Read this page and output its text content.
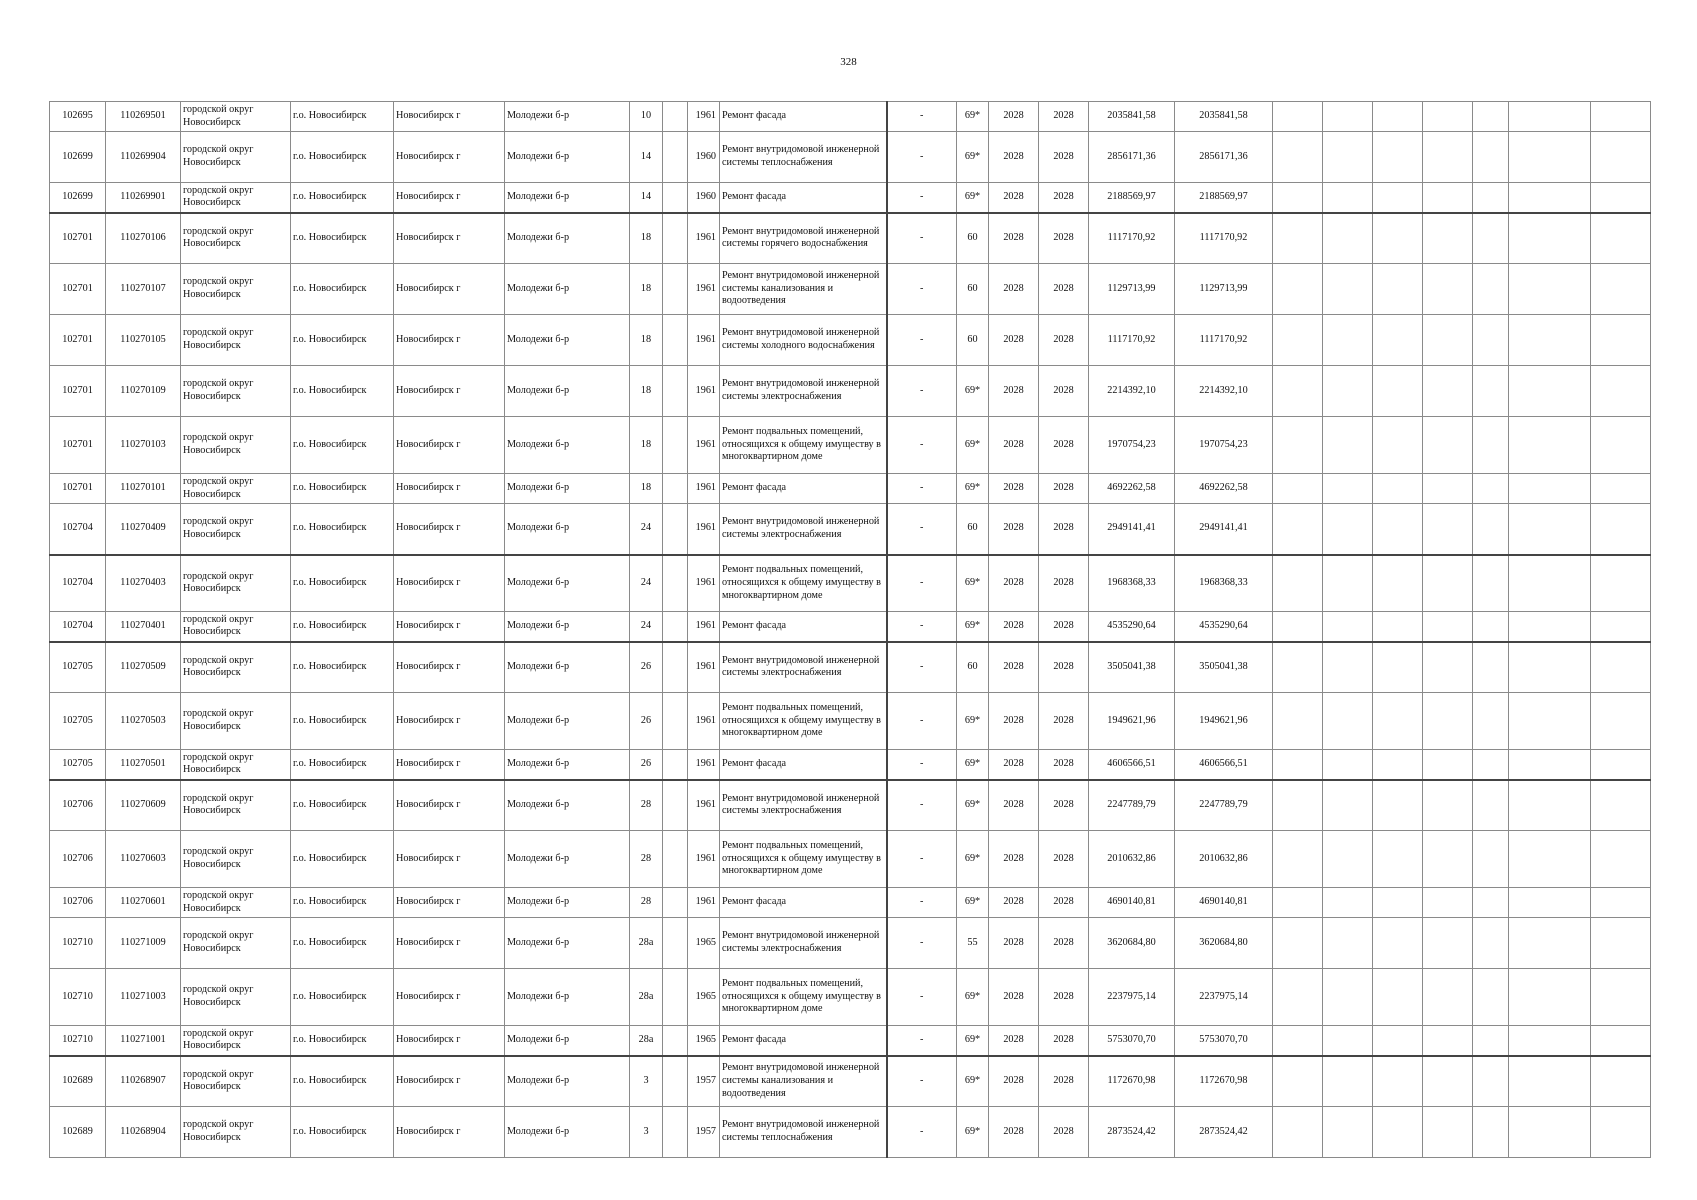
328
102695	110269501	городской округ Новосибирск	г.о. Новосибирск	Новосибирск г	Молодежи б-р	10		1961	Ремонт фасада	-	69*	2028	2028	2035841,58	2035841,58							
102699	110269904	городской округ Новосибирск	г.о. Новосибирск	Новосибирск г	Молодежи б-р	14		1960	Ремонт внутридомовой инженерной системы теплоснабжения	-	69*	2028	2028	2856171,36	2856171,36							
102699	110269901	городской округ Новосибирск	г.о. Новосибирск	Новосибирск г	Молодежи б-р	14		1960	Ремонт фасада	-	69*	2028	2028	2188569,97	2188569,97							
102701	110270106	городской округ Новосибирск	г.о. Новосибирск	Новосибирск г	Молодежи б-р	18		1961	Ремонт внутридомовой инженерной системы горячего водоснабжения	-	60	2028	2028	1117170,92	1117170,92							
102701	110270107	городской округ Новосибирск	г.о. Новосибирск	Новосибирск г	Молодежи б-р	18		1961	Ремонт внутридомовой инженерной системы канализования и водоотведения	-	60	2028	2028	1129713,99	1129713,99							
102701	110270105	городской округ Новосибирск	г.о. Новосибирск	Новосибирск г	Молодежи б-р	18		1961	Ремонт внутридомовой инженерной системы холодного водоснабжения	-	60	2028	2028	1117170,92	1117170,92							
102701	110270109	городской округ Новосибирск	г.о. Новосибирск	Новосибирск г	Молодежи б-р	18		1961	Ремонт внутридомовой инженерной системы электроснабжения	-	69*	2028	2028	2214392,10	2214392,10							
102701	110270103	городской округ Новосибирск	г.о. Новосибирск	Новосибирск г	Молодежи б-р	18		1961	Ремонт подвальных помещений, относящихся к общему имуществу в многоквартирном доме	-	69*	2028	2028	1970754,23	1970754,23							
102701	110270101	городской округ Новосибирск	г.о. Новосибирск	Новосибирск г	Молодежи б-р	18		1961	Ремонт фасада	-	69*	2028	2028	4692262,58	4692262,58							
102704	110270409	городской округ Новосибирск	г.о. Новосибирск	Новосибирск г	Молодежи б-р	24		1961	Ремонт внутридомовой инженерной системы электроснабжения	-	60	2028	2028	2949141,41	2949141,41							
102704	110270403	городской округ Новосибирск	г.о. Новосибирск	Новосибирск г	Молодежи б-р	24		1961	Ремонт подвальных помещений, относящихся к общему имуществу в многоквартирном доме	-	69*	2028	2028	1968368,33	1968368,33							
102704	110270401	городской округ Новосибирск	г.о. Новосибирск	Новосибирск г	Молодежи б-р	24		1961	Ремонт фасада	-	69*	2028	2028	4535290,64	4535290,64							
102705	110270509	городской округ Новосибирск	г.о. Новосибирск	Новосибирск г	Молодежи б-р	26		1961	Ремонт внутридомовой инженерной системы электроснабжения	-	60	2028	2028	3505041,38	3505041,38							
102705	110270503	городской округ Новосибирск	г.о. Новосибирск	Новосибирск г	Молодежи б-р	26		1961	Ремонт подвальных помещений, относящихся к общему имуществу в многоквартирном доме	-	69*	2028	2028	1949621,96	1949621,96							
102705	110270501	городской округ Новосибирск	г.о. Новосибирск	Новосибирск г	Молодежи б-р	26		1961	Ремонт фасада	-	69*	2028	2028	4606566,51	4606566,51							
102706	110270609	городской округ Новосибирск	г.о. Новосибирск	Новосибирск г	Молодежи б-р	28		1961	Ремонт внутридомовой инженерной системы электроснабжения	-	69*	2028	2028	2247789,79	2247789,79							
102706	110270603	городской округ Новосибирск	г.о. Новосибирск	Новосибирск г	Молодежи б-р	28		1961	Ремонт подвальных помещений, относящихся к общему имуществу в многоквартирном доме	-	69*	2028	2028	2010632,86	2010632,86							
102706	110270601	городской округ Новосибирск	г.о. Новосибирск	Новосибирск г	Молодежи б-р	28		1961	Ремонт фасада	-	69*	2028	2028	4690140,81	4690140,81							
102710	110271009	городской округ Новосибирск	г.о. Новосибирск	Новосибирск г	Молодежи б-р	28а		1965	Ремонт внутридомовой инженерной системы электроснабжения	-	55	2028	2028	3620684,80	3620684,80							
102710	110271003	городской округ Новосибирск	г.о. Новосибирск	Новосибирск г	Молодежи б-р	28а		1965	Ремонт подвальных помещений, относящихся к общему имуществу в многоквартирном доме	-	69*	2028	2028	2237975,14	2237975,14							
102710	110271001	городской округ Новосибирск	г.о. Новосибирск	Новосибирск г	Молодежи б-р	28а		1965	Ремонт фасада	-	69*	2028	2028	5753070,70	5753070,70							
102689	110268907	городской округ Новосибирск	г.о. Новосибирск	Новосибирск г	Молодежи б-р	3		1957	Ремонт внутридомовой инженерной системы канализования и водоотведения	-	69*	2028	2028	1172670,98	1172670,98							
102689	110268904	городской округ Новосибирск	г.о. Новосибирск	Новосибирск г	Молодежи б-р	3		1957	Ремонт внутридомовой инженерной системы теплоснабжения	-	69*	2028	2028	2873524,42	2873524,42							
